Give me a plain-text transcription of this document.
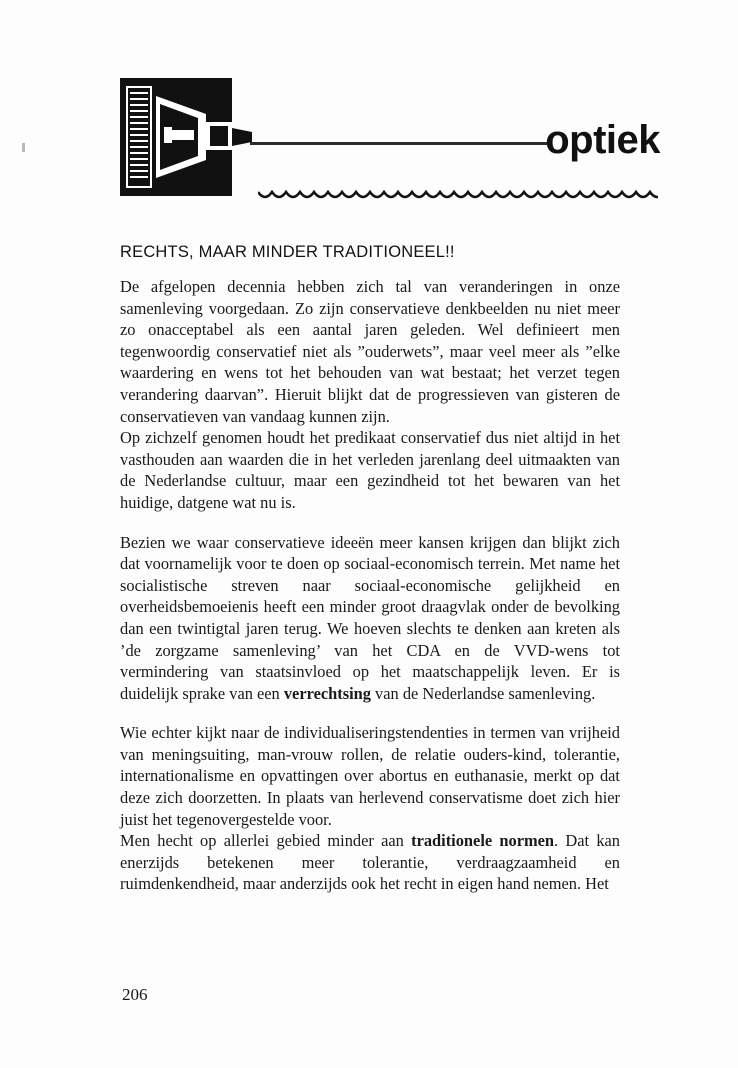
optiek
RECHTS, MAAR MINDER TRADITIONEEL!!

De afgelopen decennia hebben zich tal van veranderingen in onze samenleving voorgedaan. Zo zijn conservatieve denkbeelden nu niet meer zo onacceptabel als een aantal jaren geleden. Wel definieert men tegenwoordig conservatief niet als ”ouderwets”, maar veel meer als ”elke waardering en wens tot het behouden van wat bestaat; het verzet tegen verandering daarvan”. Hieruit blijkt dat de progressieven van gisteren de conservatieven van vandaag kunnen zijn.

Op zichzelf genomen houdt het predikaat conservatief dus niet altijd in het vasthouden aan waarden die in het verleden jarenlang deel uitmaakten van de Nederlandse cultuur, maar een gezindheid tot het bewaren van het huidige, datgene wat nu is.

Bezien we waar conservatieve ideeën meer kansen krijgen dan blijkt zich dat voornamelijk voor te doen op sociaal-economisch terrein. Met name het socialistische streven naar sociaal-economische gelijkheid en overheidsbemoeienis heeft een minder groot draagvlak onder de bevolking dan een twintigtal jaren terug. We hoeven slechts te denken aan kreten als ’de zorgzame samenleving’ van het CDA en de VVD-wens tot vermindering van staatsinvloed op het maatschappelijk leven. Er is duidelijk sprake van een verrechtsing van de Nederlandse samenleving.

Wie echter kijkt naar de individualiseringstendenties in termen van vrijheid van meningsuiting, man-vrouw rollen, de relatie ouders-kind, tolerantie, internationalisme en opvattingen over abortus en euthanasie, merkt op dat deze zich doorzetten. In plaats van herlevend conservatisme doet zich hier juist het tegenovergestelde voor.

Men hecht op allerlei gebied minder aan traditionele normen. Dat kan enerzijds betekenen meer tolerantie, verdraagzaamheid en ruimdenkendheid, maar anderzijds ook het recht in eigen hand nemen. Het

206
